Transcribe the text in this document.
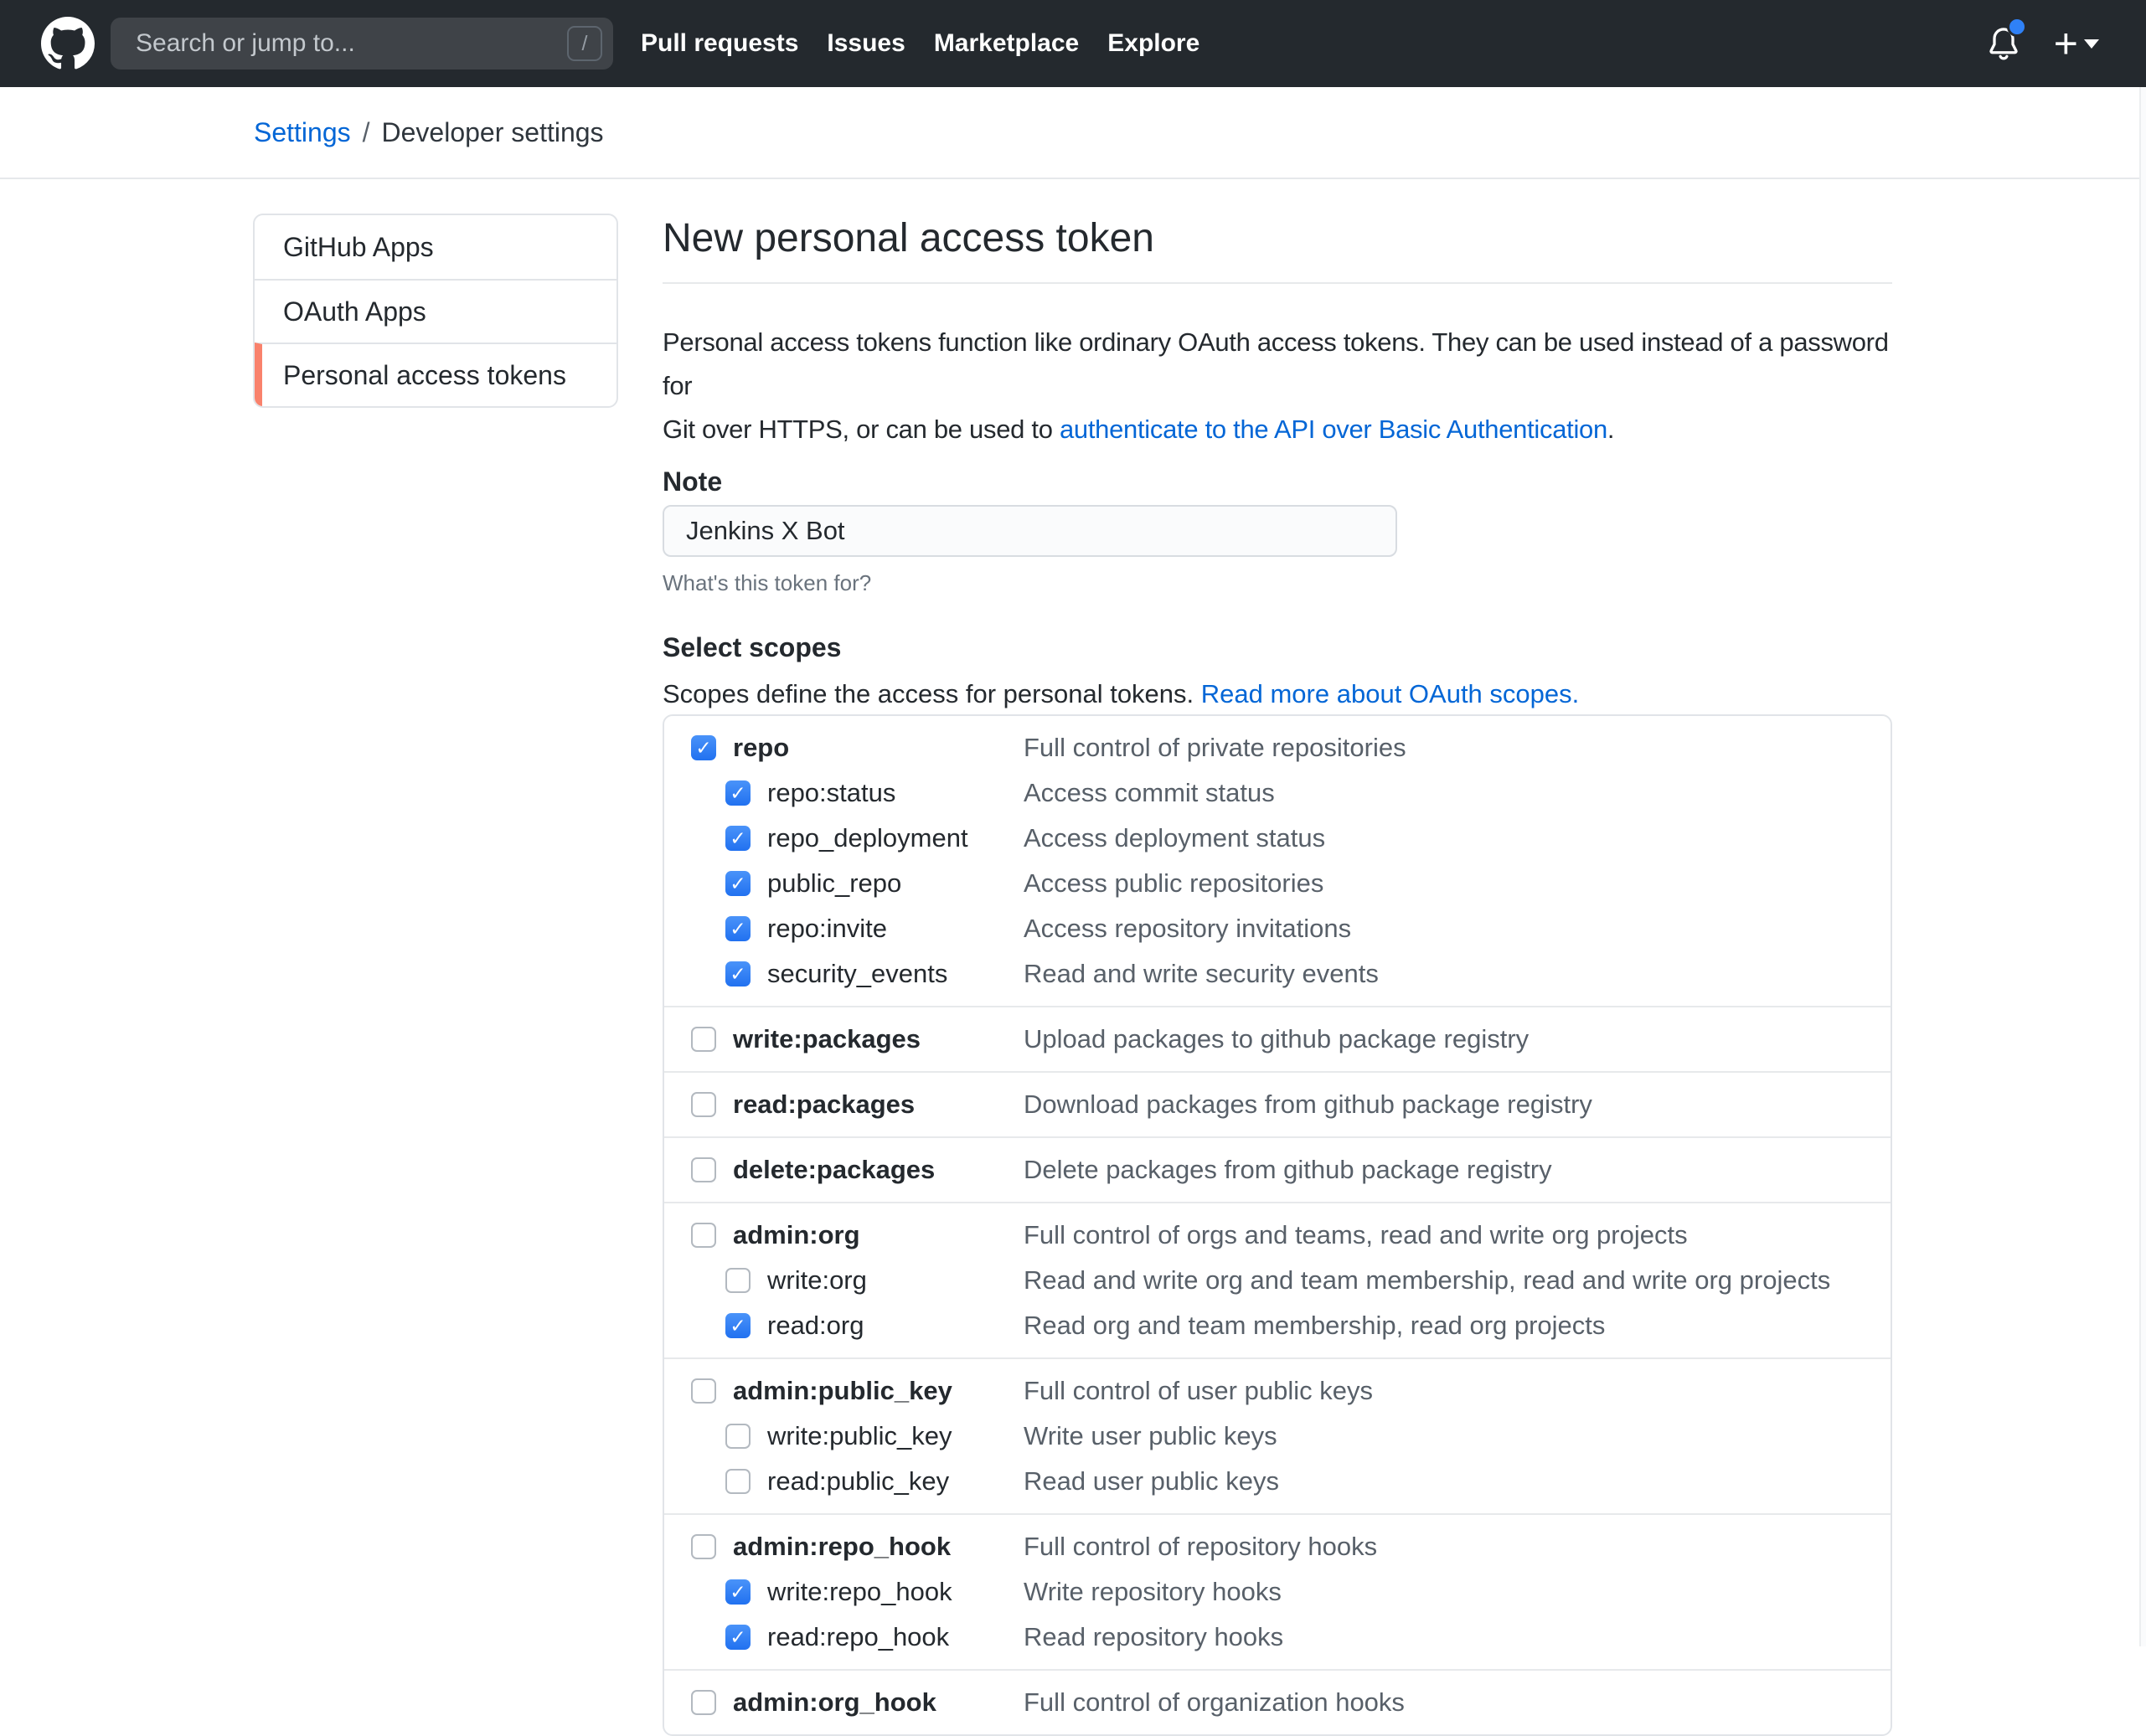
Search or jump to...	/	Pull requests Issues Marketplace Explore	+
Settings / Developer settings
GitHub Apps
OAuth Apps
Personal access tokens
New personal access token

Personal access tokens function like ordinary OAuth access tokens. They can be used instead of a password for
Git over HTTPS, or can be used to authenticate to the API over Basic Authentication.

Note
Jenkins X Bot
What's this token for?
Select scopes

Scopes define the access for personal tokens. Read more about OAuth scopes.

✓ repo	Full control of private repositories
✓ repo:status	Access commit status
✓ repo_deployment Access deployment status
✓ public_repo	Access public repositories
✓ repo:invite	Access repository invitations
✓ security_events	Read and write security events
write:packages	Upload packages to github package registry
read:packages	Download packages from github package registry
delete:packages	Delete packages from github package registry
admin:org	Full control of orgs and teams, read and write org projects
write:org	Read and write org and team membership, read and write org projects
✓ read:org	Read org and team membership, read org projects
admin:public_key	Full control of user public keys
write:public_key	Write user public keys
read:public_key	Read user public keys
admin:repo_hook	Full control of repository hooks
✓ write:repo_hook	Write repository hooks
✓ read:repo_hook	Read repository hooks
admin:org_hook	Full control of organization hooks
